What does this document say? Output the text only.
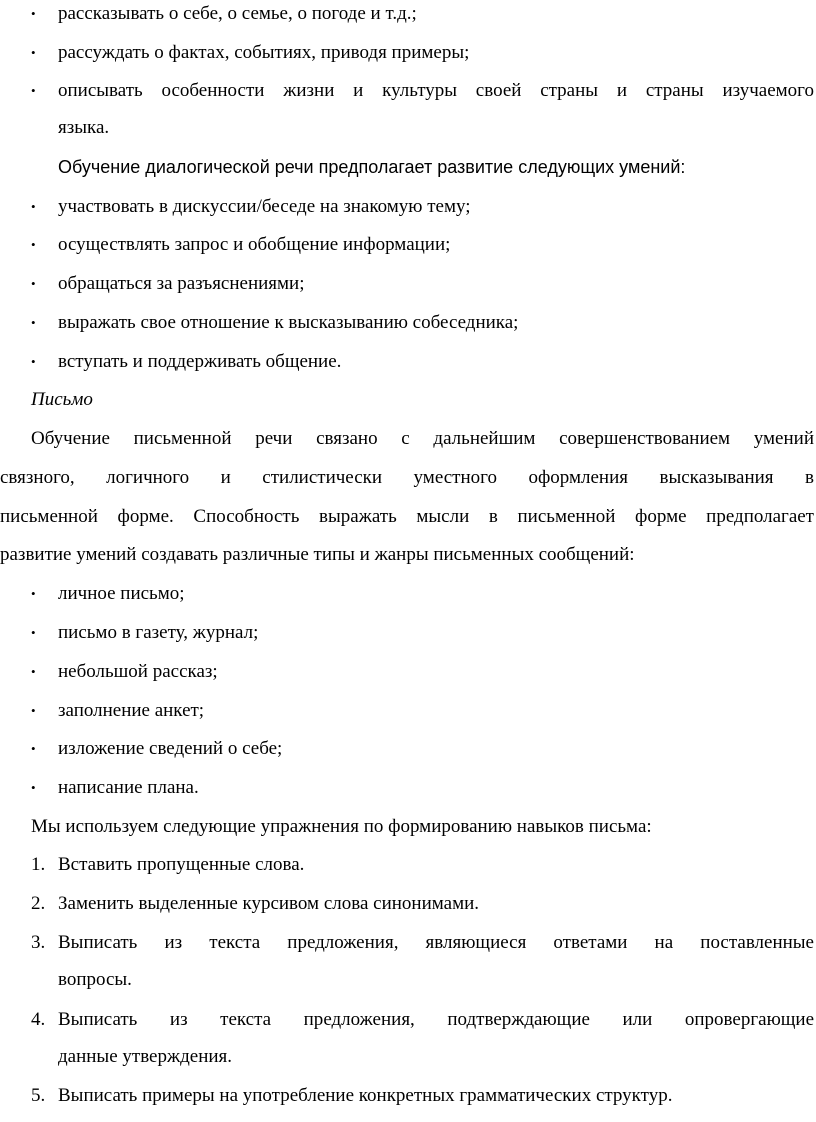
• рассказывать о себе, о семье, о погоде и т.д.;
• рассуждать о фактах, событиях, приводя примеры;
• описывать особенности жизни и культуры своей страны и страны изучаемого
языка.
Обучение диалогической речи предполагает развитие следующих умений:
• участвовать в дискуссии/беседе на знакомую тему;
• осуществлять запрос и обобщение информации;
• обращаться за разъяснениями;
• выражать свое отношение к высказыванию собеседника;
• вступать и поддерживать общение.
Письмо
Обучение письменной речи связано с дальнейшим совершенствованием умений
связного, логичного и стилистически уместного оформления высказывания в
письменной форме. Способность выражать мысли в письменной форме предполагает
развитие умений создавать различные типы и жанры письменных сообщений:
• личное письмо;
• письмо в газету, журнал;
• небольшой рассказ;
• заполнение анкет;
• изложение сведений о себе;
• написание плана.
Мы используем следующие упражнения по формированию навыков письма:
1. Вставить пропущенные слова.
2. Заменить выделенные курсивом слова синонимами.
3. Выписать из текста предложения, являющиеся ответами на поставленные
вопросы.
4. Выписать из текста предложения, подтверждающие или опровергающие
данные утверждения.
5. Выписать примеры на употребление конкретных грамматических структур.
